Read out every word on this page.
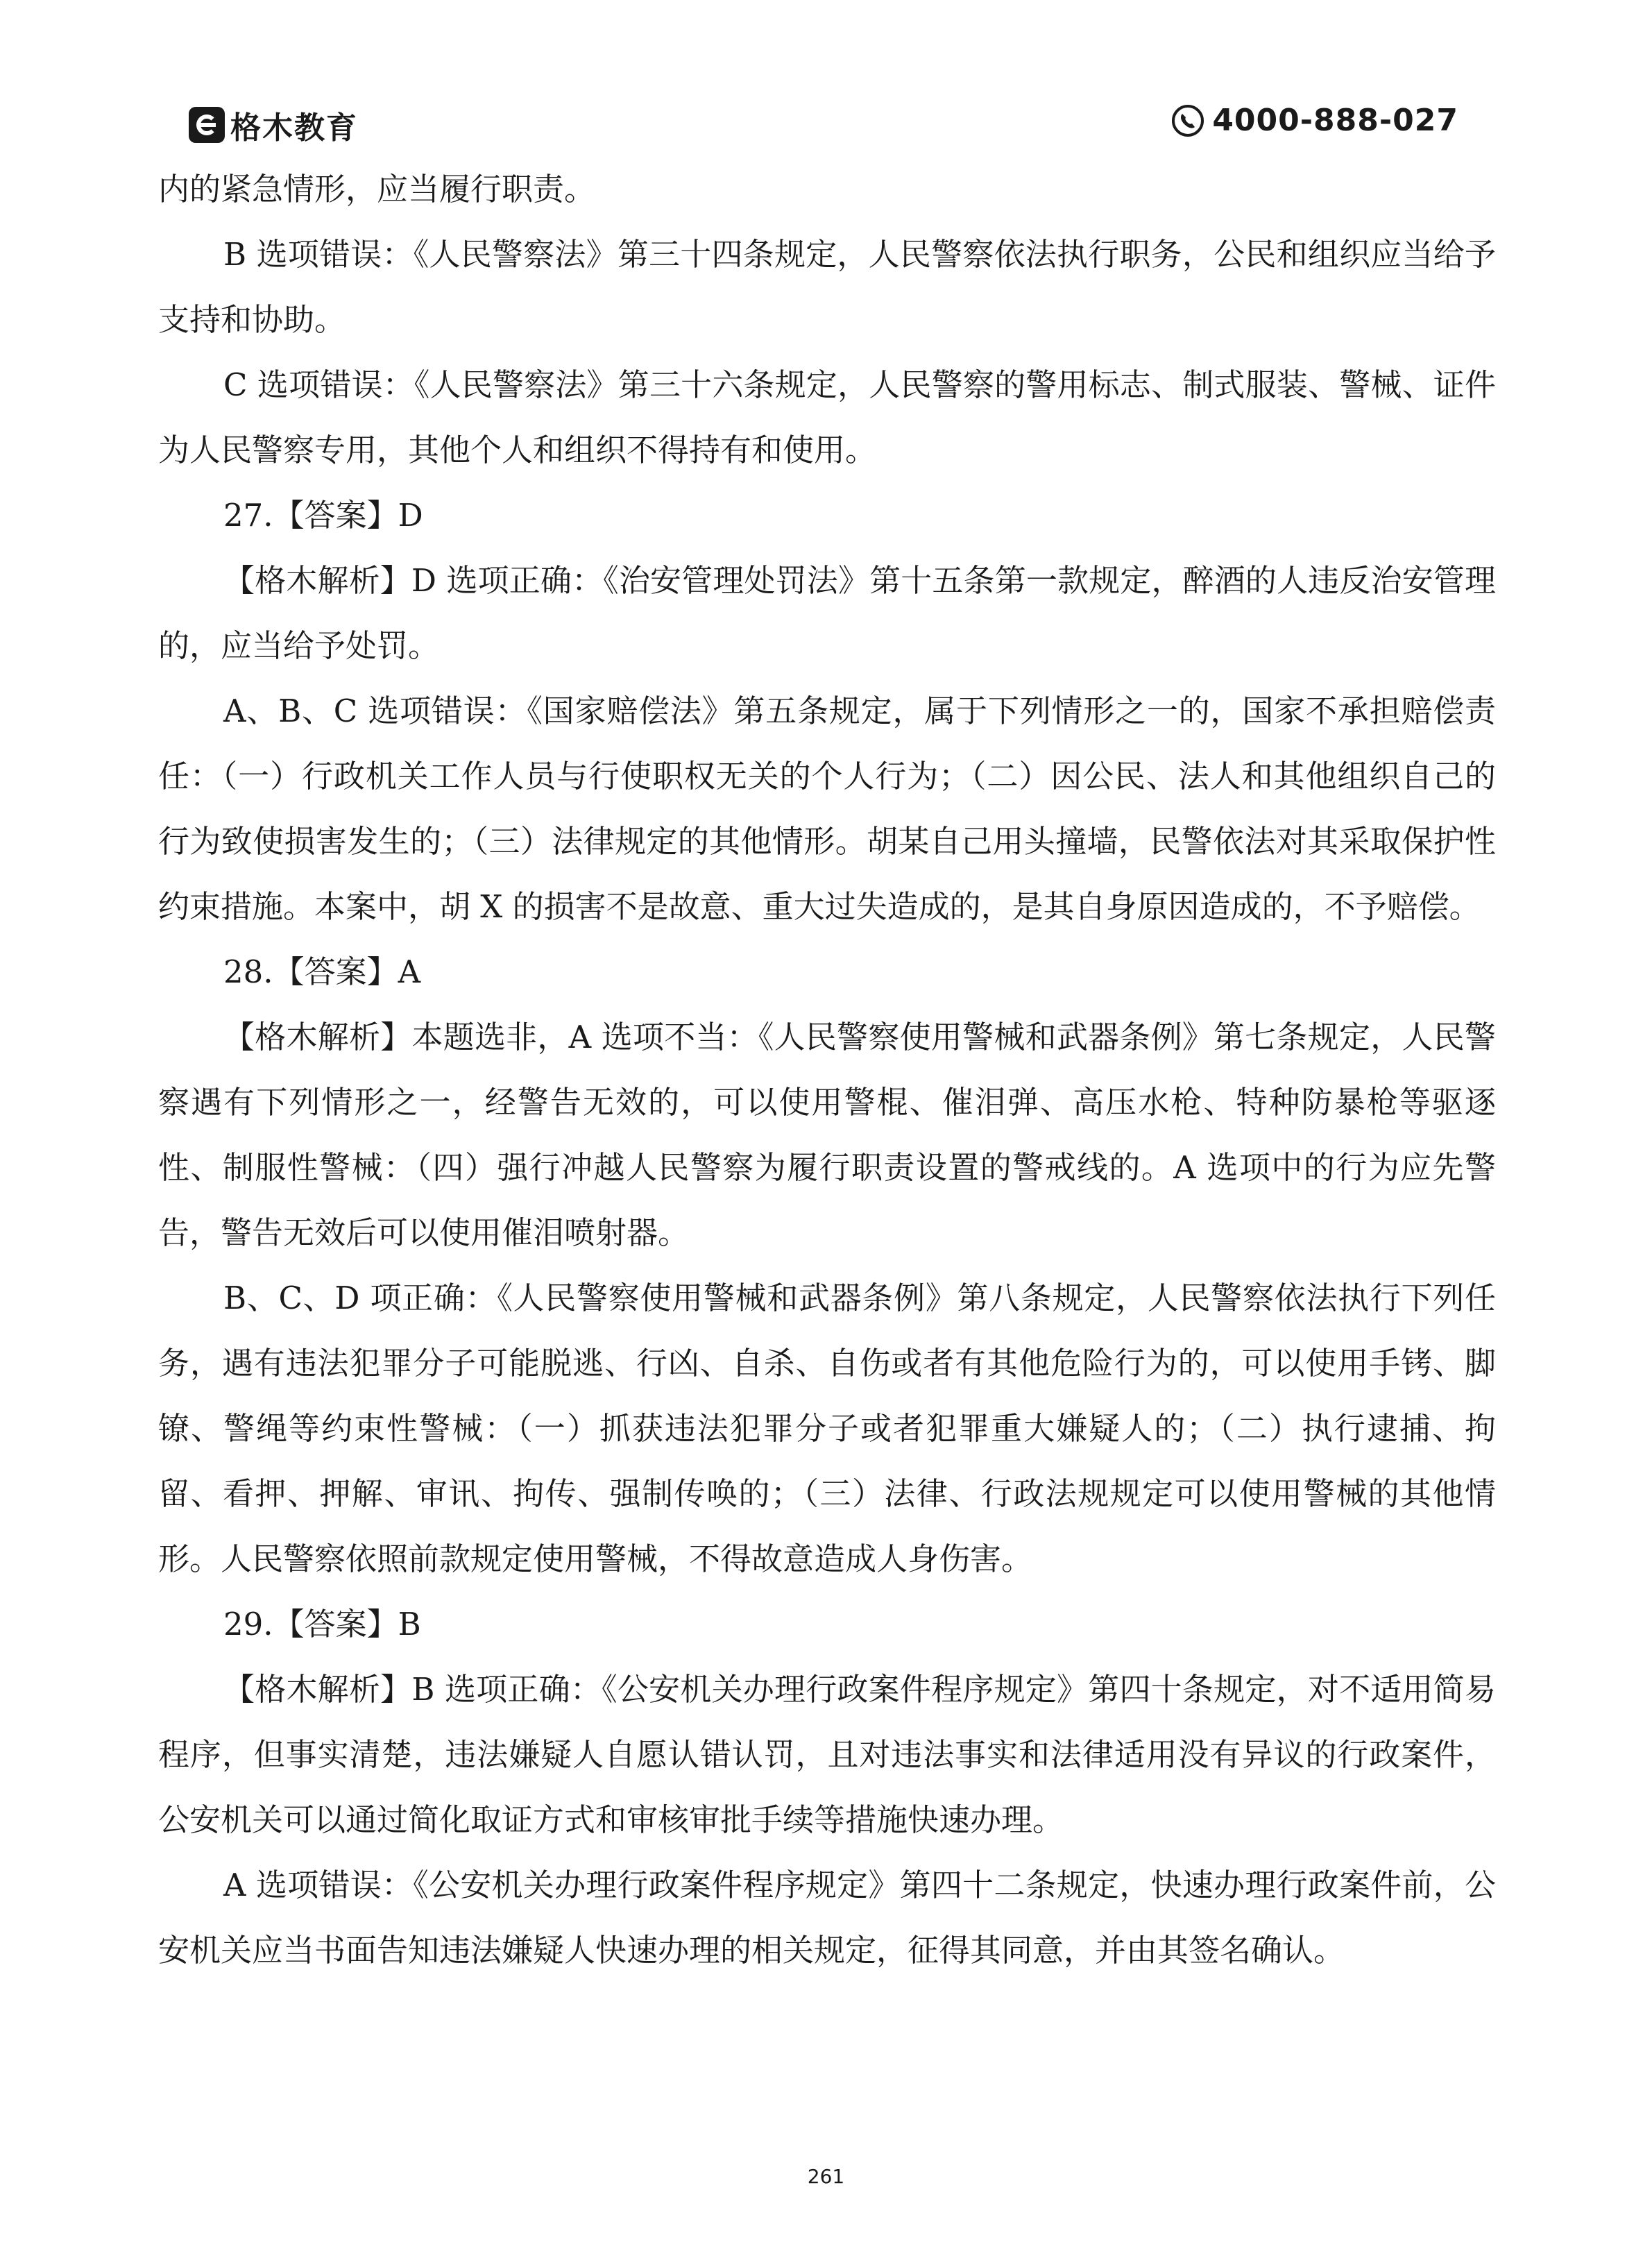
格木教育	4000-888-027

内的紧急情形，应当履行职责。

B 选项错误：《人民警察法》第三十四条规定，人民警察依法执行职务，公民和组织应当给予支持和协助。

C 选项错误：《人民警察法》第三十六条规定，人民警察的警用标志、制式服装、警械、证件为人民警察专用，其他个人和组织不得持有和使用。

27.【答案】D

【格木解析】D 选项正确：《治安管理处罚法》第十五条第一款规定，醉酒的人违反治安管理的，应当给予处罚。

A、B、C 选项错误：《国家赔偿法》第五条规定，属于下列情形之一的，国家不承担赔偿责任：（一）行政机关工作人员与行使职权无关的个人行为；（二）因公民、法人和其他组织自己的行为致使损害发生的；（三）法律规定的其他情形。胡某自己用头撞墙，民警依法对其采取保护性约束措施。本案中，胡 X 的损害不是故意、重大过失造成的，是其自身原因造成的，不予赔偿。

28.【答案】A

【格木解析】本题选非，A 选项不当：《人民警察使用警械和武器条例》第七条规定，人民警察遇有下列情形之一，经警告无效的，可以使用警棍、催泪弹、高压水枪、特种防暴枪等驱逐性、制服性警械：（四）强行冲越人民警察为履行职责设置的警戒线的。A 选项中的行为应先警告，警告无效后可以使用催泪喷射器。

B、C、D 项正确：《人民警察使用警械和武器条例》第八条规定，人民警察依法执行下列任务，遇有违法犯罪分子可能脱逃、行凶、自杀、自伤或者有其他危险行为的，可以使用手铐、脚镣、警绳等约束性警械：（一）抓获违法犯罪分子或者犯罪重大嫌疑人的；（二）执行逮捕、拘留、看押、押解、审讯、拘传、强制传唤的；（三）法律、行政法规规定可以使用警械的其他情形。人民警察依照前款规定使用警械，不得故意造成人身伤害。

29.【答案】B

【格木解析】B 选项正确：《公安机关办理行政案件程序规定》第四十条规定，对不适用简易程序，但事实清楚，违法嫌疑人自愿认错认罚，且对违法事实和法律适用没有异议的行政案件，公安机关可以通过简化取证方式和审核审批手续等措施快速办理。

A 选项错误：《公安机关办理行政案件程序规定》第四十二条规定，快速办理行政案件前，公安机关应当书面告知违法嫌疑人快速办理的相关规定，征得其同意，并由其签名确认。

261
